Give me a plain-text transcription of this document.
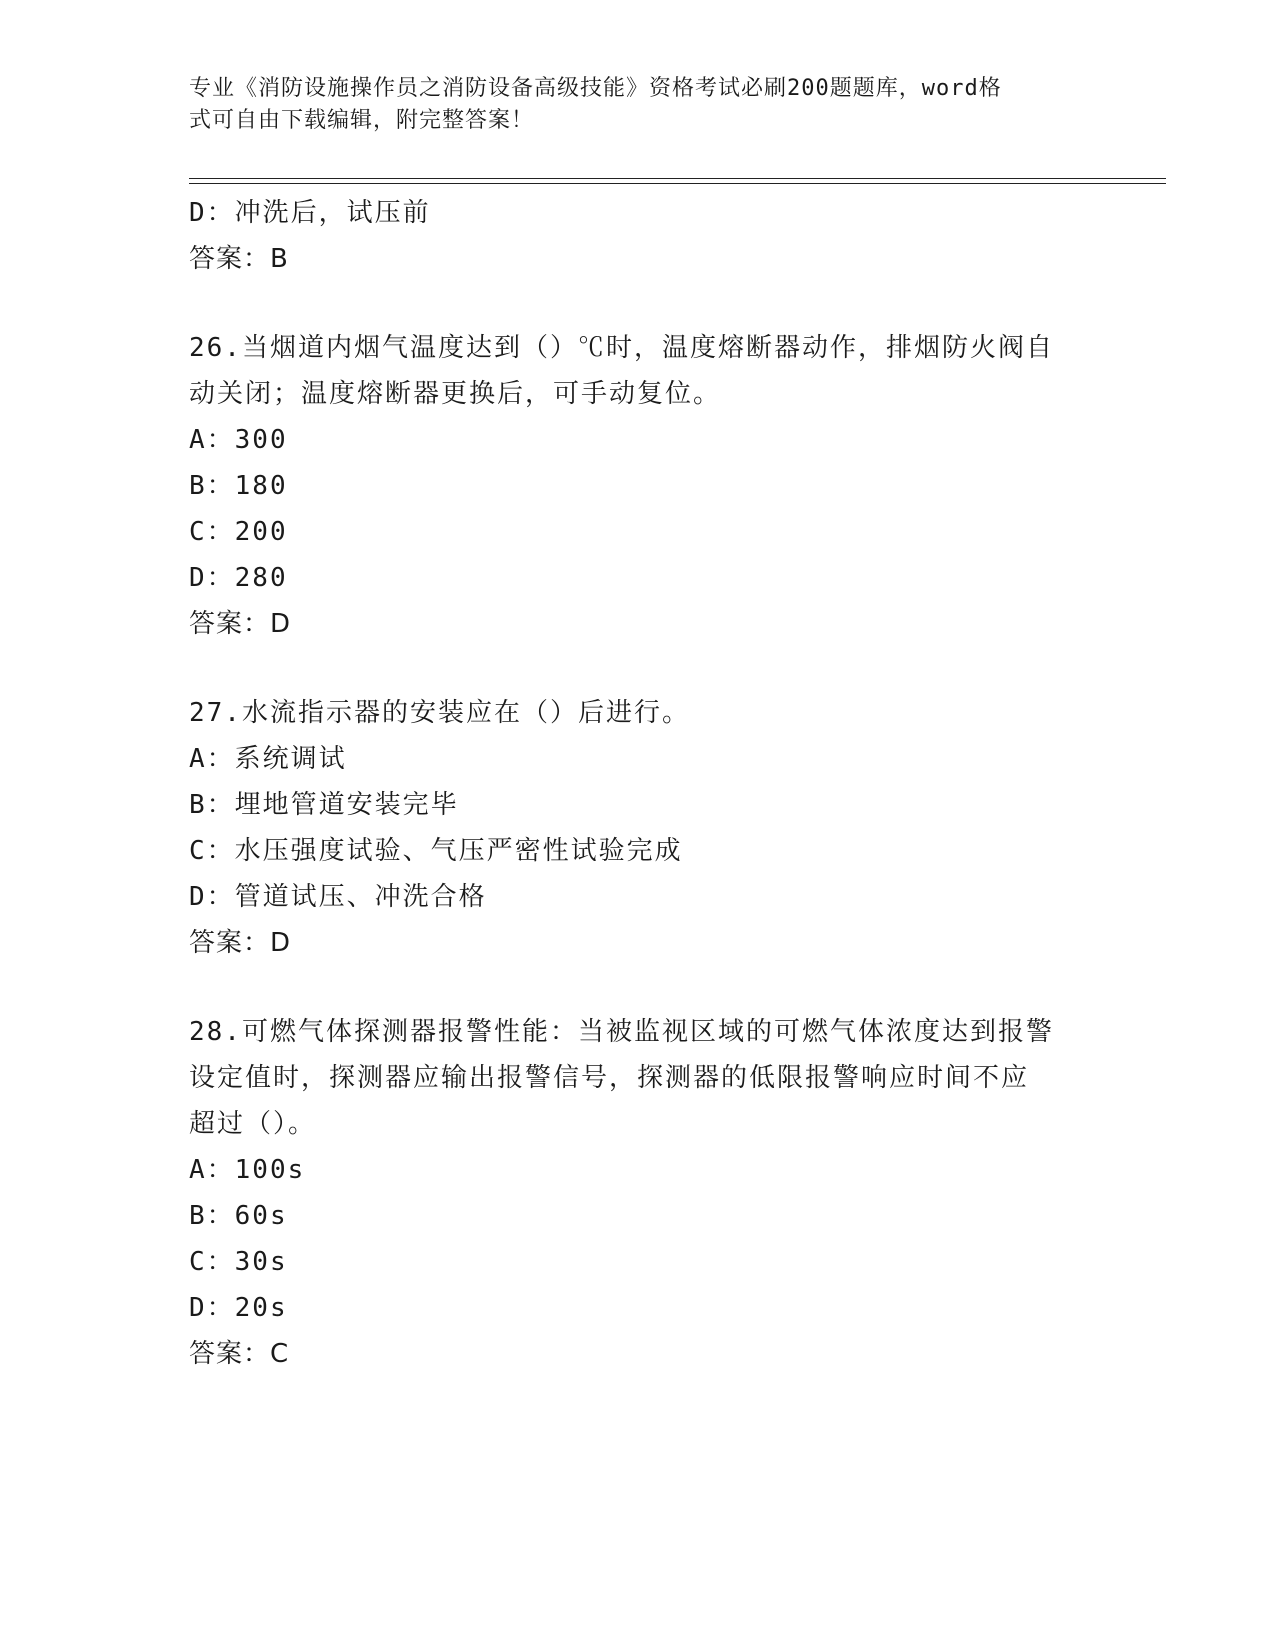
专业《消防设施操作员之消防设备高级技能》资格考试必刷200题题库，word格
式可自由下载编辑，附完整答案！
D：冲洗后，试压前
答案：B
26.当烟道内烟气温度达到（）℃时，温度熔断器动作，排烟防火阀自
动关闭；温度熔断器更换后，可手动复位。
A：300
B：180
C：200
D：280
答案：D
27.水流指示器的安装应在（）后进行。
A：系统调试
B：埋地管道安装完毕
C：水压强度试验、气压严密性试验完成
D：管道试压、冲洗合格
答案：D
28.可燃气体探测器报警性能：当被监视区域的可燃气体浓度达到报警
设定值时，探测器应输出报警信号，探测器的低限报警响应时间不应
超过（）。
A：100s
B：60s
C：30s
D：20s
答案：C
